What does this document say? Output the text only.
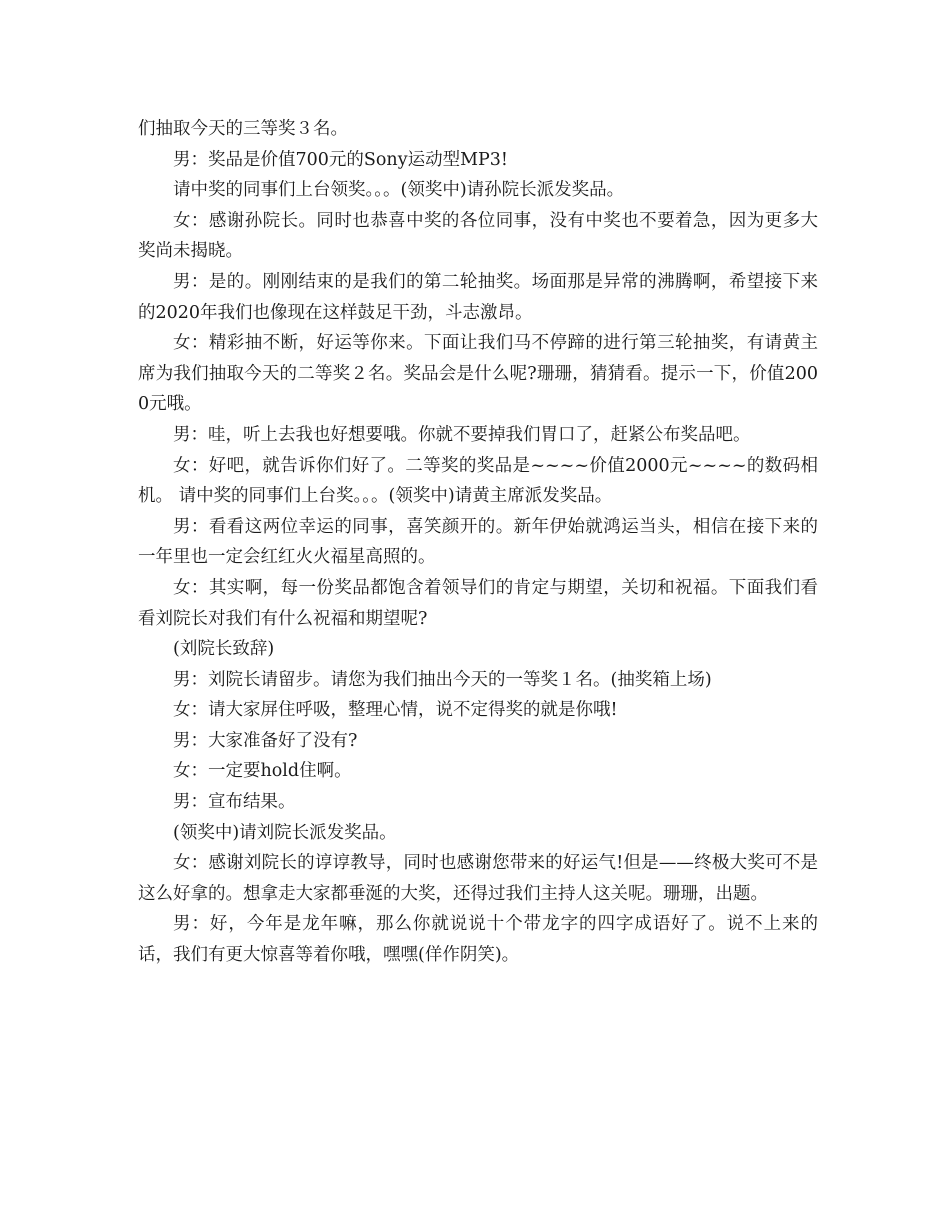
们抽取今天的三等奖３名。

男：奖品是价值700元的Sony运动型MP3!

请中奖的同事们上台领奖。。。(领奖中)请孙院长派发奖品。

女：感谢孙院长。同时也恭喜中奖的各位同事，没有中奖也不要着急，因为更多大奖尚未揭晓。

男：是的。刚刚结束的是我们的第二轮抽奖。场面那是异常的沸腾啊，希望接下来的2020年我们也像现在这样鼓足干劲，斗志激昂。

女：精彩抽不断，好运等你来。下面让我们马不停蹄的进行第三轮抽奖，有请黄主席为我们抽取今天的二等奖２名。奖品会是什么呢?珊珊，猜猜看。提示一下，价值2000元哦。

男：哇，听上去我也好想要哦。你就不要掉我们胃口了，赶紧公布奖品吧。

女：好吧，就告诉你们好了。二等奖的奖品是~~~~价值2000元~~~~的数码相机。 请中奖的同事们上台奖。。。(领奖中)请黄主席派发奖品。

男：看看这两位幸运的同事，喜笑颜开的。新年伊始就鸿运当头，相信在接下来的一年里也一定会红红火火福星高照的。

女：其实啊，每一份奖品都饱含着领导们的肯定与期望，关切和祝福。下面我们看看刘院长对我们有什么祝福和期望呢?

(刘院长致辞)

男：刘院长请留步。请您为我们抽出今天的一等奖１名。(抽奖箱上场)

女：请大家屏住呼吸，整理心情，说不定得奖的就是你哦!

男：大家准备好了没有?

女：一定要hold住啊。

男：宣布结果。

(领奖中)请刘院长派发奖品。

女：感谢刘院长的谆谆教导，同时也感谢您带来的好运气!但是——终极大奖可不是这么好拿的。想拿走大家都垂涎的大奖，还得过我们主持人这关呢。珊珊，出题。

男：好，今年是龙年嘛，那么你就说说十个带龙字的四字成语好了。说不上来的话，我们有更大惊喜等着你哦，嘿嘿(佯作阴笑)。
